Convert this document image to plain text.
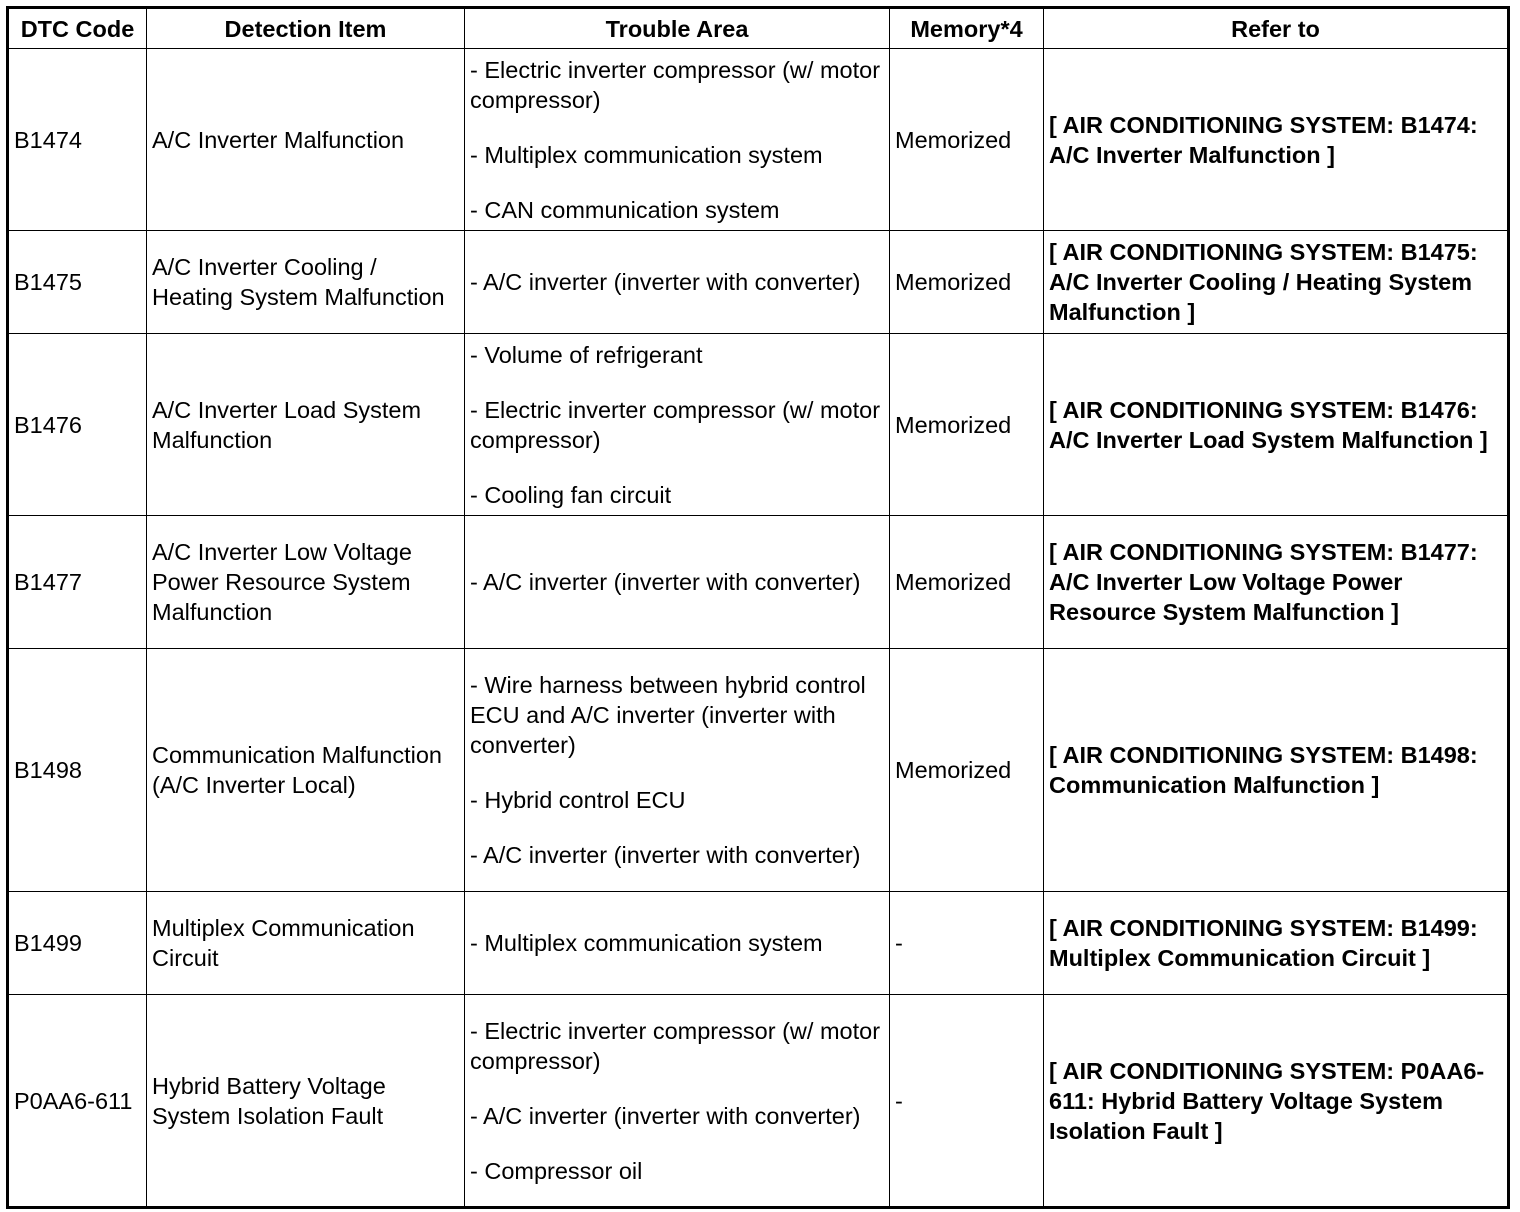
DTC Code	Detection Item	Trouble Area	Memory*4	Refer to
B1474	A/C Inverter Malfunction	- Electric inverter compressor (w/ motor compressor)
- Multiplex communication system
- CAN communication system	Memorized	[ AIR CONDITIONING SYSTEM: B1474: A/C Inverter Malfunction ]
B1475	A/C Inverter Cooling / Heating System Malfunction	- A/C inverter (inverter with converter)	Memorized	[ AIR CONDITIONING SYSTEM: B1475: A/C Inverter Cooling / Heating System Malfunction ]
B1476	A/C Inverter Load System Malfunction	- Volume of refrigerant
- Electric inverter compressor (w/ motor compressor)
- Cooling fan circuit	Memorized	[ AIR CONDITIONING SYSTEM: B1476: A/C Inverter Load System Malfunction ]
B1477	A/C Inverter Low Voltage Power Resource System Malfunction	- A/C inverter (inverter with converter)	Memorized	[ AIR CONDITIONING SYSTEM: B1477: A/C Inverter Low Voltage Power Resource System Malfunction ]
B1498	Communication Malfunction (A/C Inverter Local)	- Wire harness between hybrid control ECU and A/C inverter (inverter with converter)
- Hybrid control ECU
- A/C inverter (inverter with converter)	Memorized	[ AIR CONDITIONING SYSTEM: B1498: Communication Malfunction ]
B1499	Multiplex Communication Circuit	- Multiplex communication system	-	[ AIR CONDITIONING SYSTEM: B1499: Multiplex Communication Circuit ]
P0AA6-611	Hybrid Battery Voltage System Isolation Fault	- Electric inverter compressor (w/ motor compressor)
- A/C inverter (inverter with converter)
- Compressor oil	-	[ AIR CONDITIONING SYSTEM: P0AA6-611: Hybrid Battery Voltage System Isolation Fault ]
